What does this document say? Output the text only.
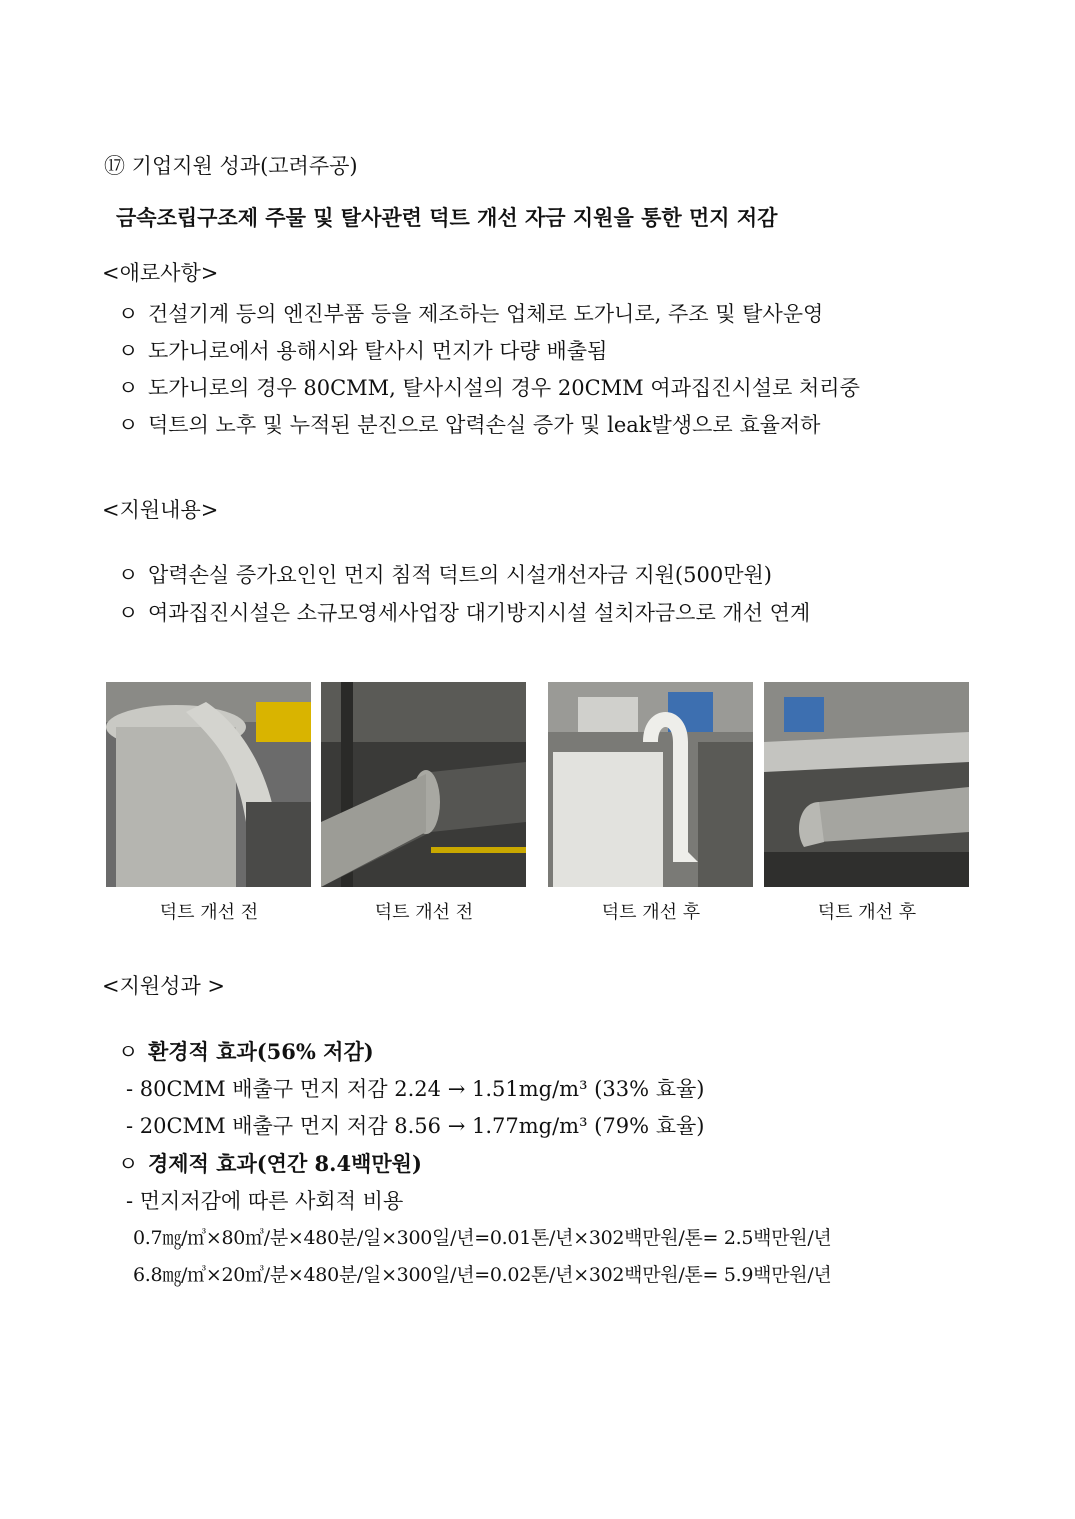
⑰ 기업지원 성과(고려주공)
금속조립구조제 주물 및 탈사관련 덕트 개선 자금 지원을 통한 먼지 저감
<애로사항>
ㅇ 건설기계 등의 엔진부품 등을 제조하는 업체로 도가니로, 주조 및 탈사운영
ㅇ 도가니로에서 용해시와 탈사시 먼지가 다량 배출됨
ㅇ 도가니로의 경우 80CMM, 탈사시설의 경우 20CMM 여과집진시설로 처리중
ㅇ 덕트의 노후 및 누적된 분진으로 압력손실 증가 및 leak발생으로 효율저하
<지원내용>
ㅇ 압력손실 증가요인인 먼지 침적 덕트의 시설개선자금 지원(500만원)
ㅇ 여과집진시설은 소규모영세사업장 대기방지시설 설치자금으로 개선 연계
덕트 개선 전	덕트 개선 전	덕트 개선 후	덕트 개선 후
<지원성과 >
ㅇ 환경적 효과(56% 저감)
- 80CMM 배출구 먼지 저감 2.24 → 1.51mg/m³ (33% 효율)
- 20CMM 배출구 먼지 저감 8.56 → 1.77mg/m³ (79% 효율)
ㅇ 경제적 효과(연간 8.4백만원)
- 먼지저감에 따른 사회적 비용
0.7㎎/㎥×80㎥/분×480분/일×300일/년=0.01톤/년×302백만원/톤= 2.5백만원/년
6.8㎎/㎥×20㎥/분×480분/일×300일/년=0.02톤/년×302백만원/톤= 5.9백만원/년
